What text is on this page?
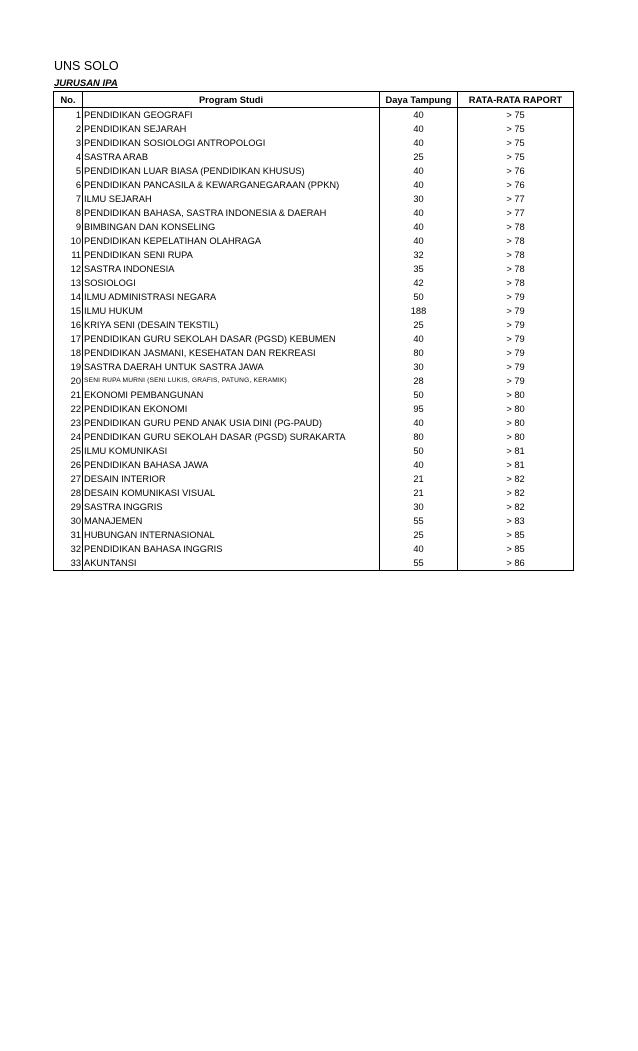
UNS SOLO
JURUSAN IPA
No.	Program Studi	Daya Tampung	RATA-RATA RAPORT
1	PENDIDIKAN GEOGRAFI	40	> 75
2	PENDIDIKAN SEJARAH	40	> 75
3	PENDIDIKAN SOSIOLOGI ANTROPOLOGI	40	> 75
4	SASTRA ARAB	25	> 75
5	PENDIDIKAN LUAR BIASA (PENDIDIKAN KHUSUS)	40	> 76
6	PENDIDIKAN PANCASILA & KEWARGANEGARAAN (PPKN)	40	> 76
7	ILMU SEJARAH	30	> 77
8	PENDIDIKAN BAHASA, SASTRA INDONESIA & DAERAH	40	> 77
9	BIMBINGAN DAN KONSELING	40	> 78
10	PENDIDIKAN KEPELATIHAN OLAHRAGA	40	> 78
11	PENDIDIKAN SENI RUPA	32	> 78
12	SASTRA INDONESIA	35	> 78
13	SOSIOLOGI	42	> 78
14	ILMU ADMINISTRASI NEGARA	50	> 79
15	ILMU HUKUM	188	> 79
16	KRIYA SENI (DESAIN TEKSTIL)	25	> 79
17	PENDIDIKAN GURU SEKOLAH DASAR (PGSD) KEBUMEN	40	> 79
18	PENDIDIKAN JASMANI, KESEHATAN DAN REKREASI	80	> 79
19	SASTRA DAERAH UNTUK SASTRA JAWA	30	> 79
20	SENI RUPA MURNI (SENI LUKIS, GRAFIS, PATUNG, KERAMIK)	28	> 79
21	EKONOMI PEMBANGUNAN	50	> 80
22	PENDIDIKAN EKONOMI	95	> 80
23	PENDIDIKAN GURU PEND ANAK USIA DINI (PG-PAUD)	40	> 80
24	PENDIDIKAN GURU SEKOLAH DASAR (PGSD) SURAKARTA	80	> 80
25	ILMU KOMUNIKASI	50	> 81
26	PENDIDIKAN BAHASA JAWA	40	> 81
27	DESAIN INTERIOR	21	> 82
28	DESAIN KOMUNIKASI VISUAL	21	> 82
29	SASTRA INGGRIS	30	> 82
30	MANAJEMEN	55	> 83
31	HUBUNGAN INTERNASIONAL	25	> 85
32	PENDIDIKAN BAHASA INGGRIS	40	> 85
33	AKUNTANSI	55	> 86
